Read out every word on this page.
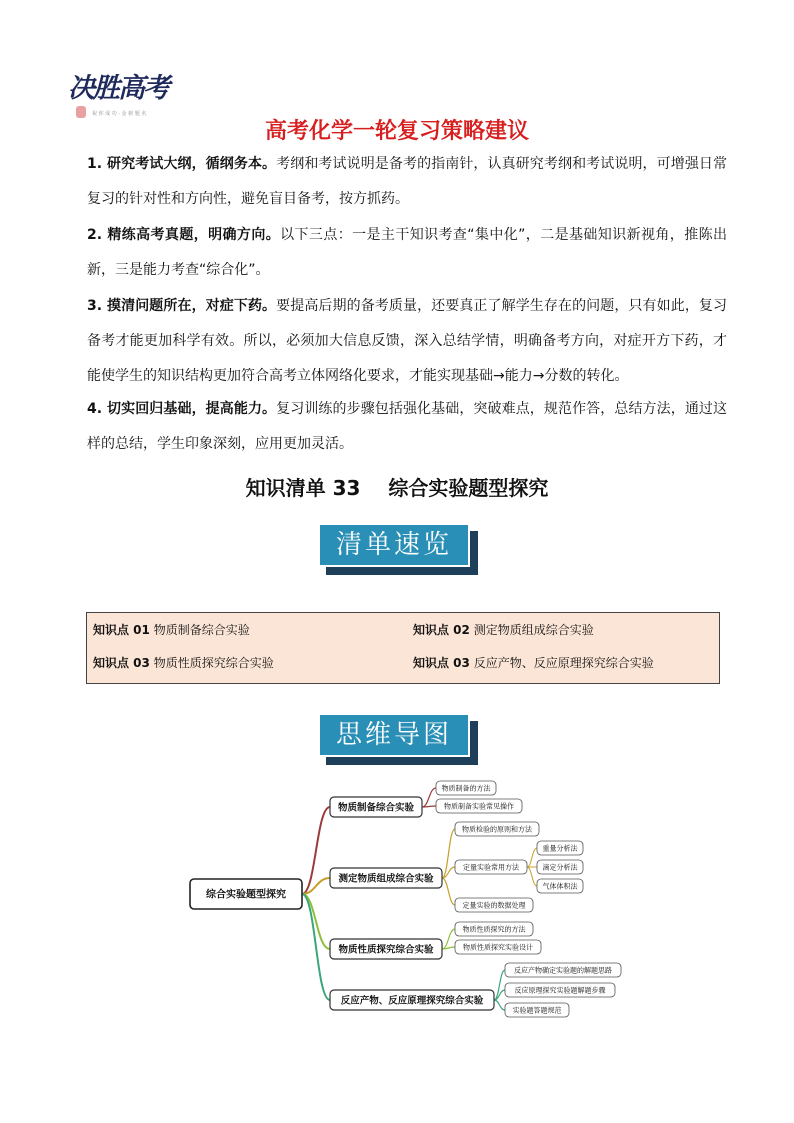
决胜高考
祝 你 成 功 · 金 榜 题 名
高考化学一轮复习策略建议
1. 研究考试大纲，循纲务本。考纲和考试说明是备考的指南针，认真研究考纲和考试说明，可增强日常复习的针对性和方向性，避免盲目备考，按方抓药。
2. 精练高考真题，明确方向。以下三点：一是主干知识考查“集中化”，二是基础知识新视角，推陈出新，三是能力考查“综合化”。
3. 摸清问题所在，对症下药。要提高后期的备考质量，还要真正了解学生存在的问题，只有如此，复习备考才能更加科学有效。所以，必须加大信息反馈，深入总结学情，明确备考方向，对症开方下药，才能使学生的知识结构更加符合高考立体网络化要求，才能实现基础→能力→分数的转化。
4. 切实回归基础，提高能力。复习训练的步骤包括强化基础，突破难点，规范作答，总结方法，通过这样的总结，学生印象深刻，应用更加灵活。
知识清单 33    综合实验题型探究
清单速览
知识点 01 物质制备综合实验	知识点 02 测定物质组成综合实验
知识点 03 物质性质探究综合实验	知识点 03 反应产物、反应原理探究综合实验
思维导图
综合实验题型探究
物质制备综合实验
物质制备的方法
物质制备实验常见操作
测定物质组成综合实验
物质检验的原则和方法
定量实验常用方法
重量分析法
滴定分析法
气体体积法
定量实验的数据处理
物质性质探究综合实验
物质性质探究的方法
物质性质探究实验设计
反应产物、反应原理探究综合实验
反应产物确定实验题的解题思路
反应原理探究实验题解题步骤
实验题答题规范
